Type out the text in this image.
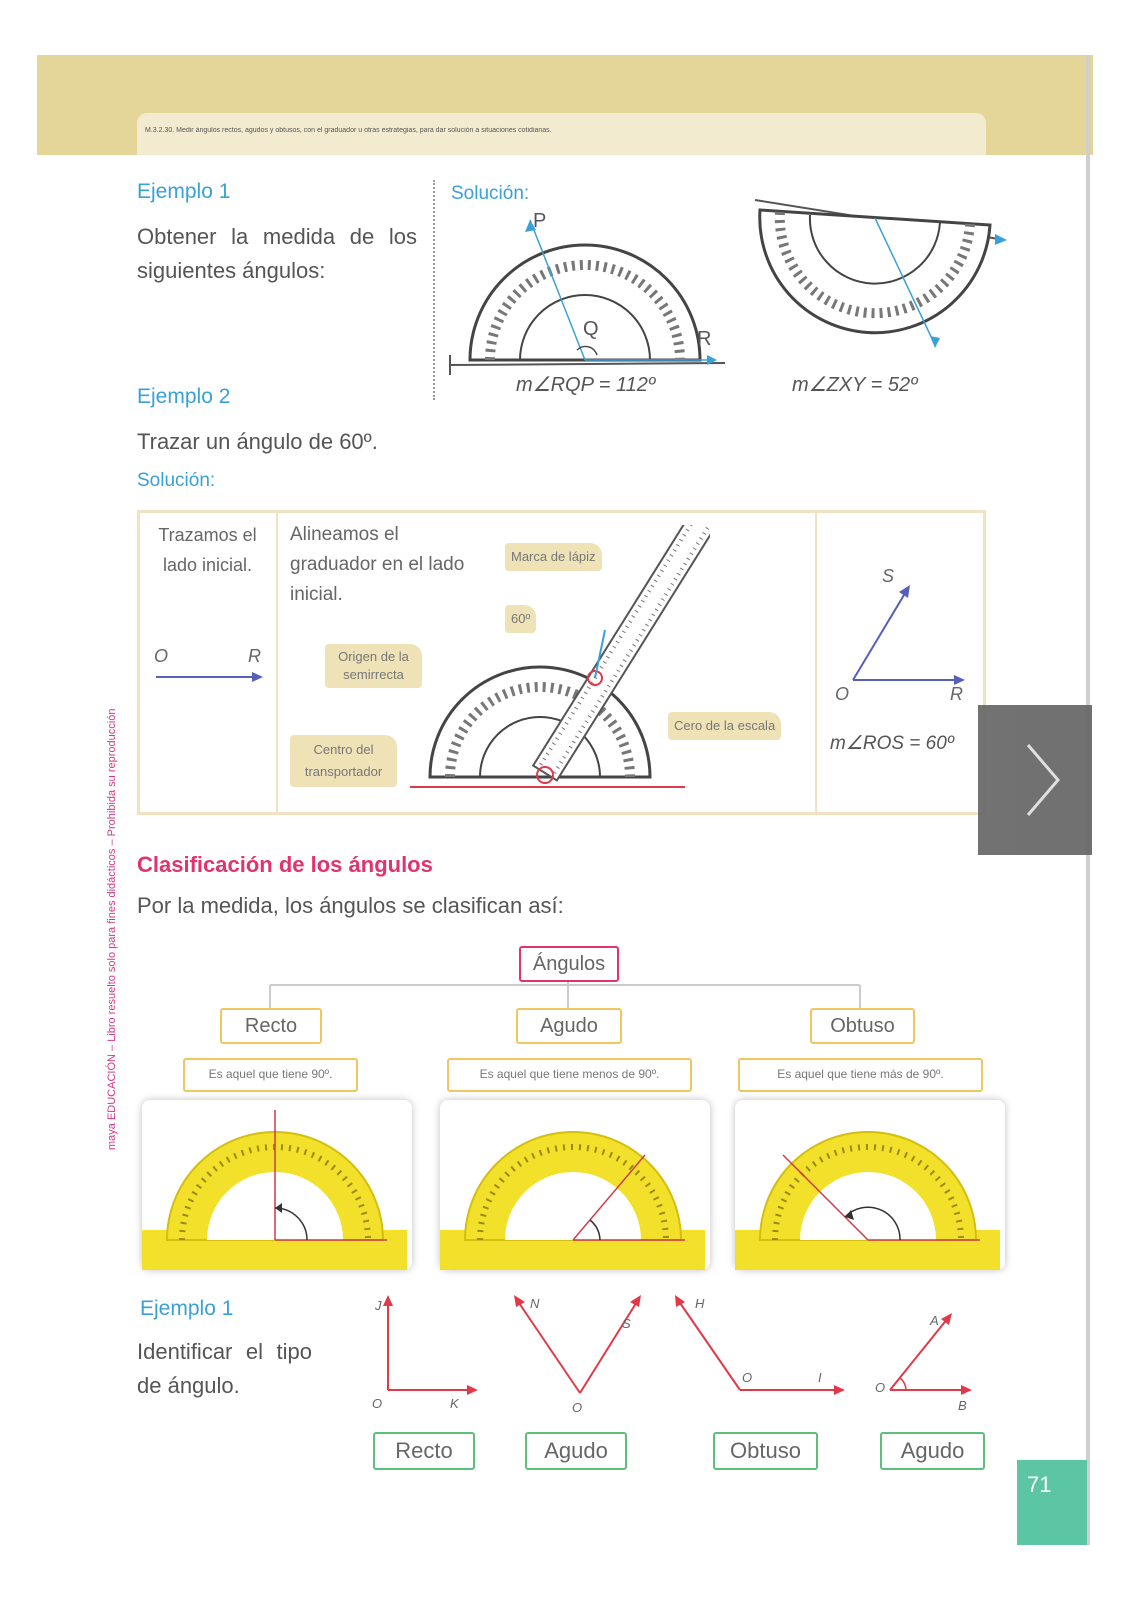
M.3.2.30. Medir ángulos rectos, agudos y obtusos, con el graduador u otras estrategias, para dar solución a situaciones cotidianas.
maya EDUCACIÓN – Libro resuelto solo para fines didácticos – Prohibida su reproducción
Ejemplo 1
Obtener la medida de los siguientes ángulos:
Solución:
P
Q	R
m∠RQP = 112º	m∠ZXY = 52º
Ejemplo 2
Trazar un ángulo de 60º.
Solución:
Trazamos el lado inicial.
O	R
Alineamos el graduador en el lado inicial.
Marca de lápiz
60º
Origen de la semirrecta
Centro del transportador
Cero de la escala
S
O	R
m∠ROS = 60º
Clasificación de los ángulos
Por la medida, los ángulos se clasifican así:
Ángulos
Recto	Agudo	Obtuso
Es aquel que tiene 90º.	Es aquel que tiene menos de 90º.	Es aquel que tiene más de 90º.
Ejemplo 1
Identificar el tipo de ángulo.
J
O	K
N
O
S
H
O	I
A
O
B
Recto	Agudo	Obtuso	Agudo
71
